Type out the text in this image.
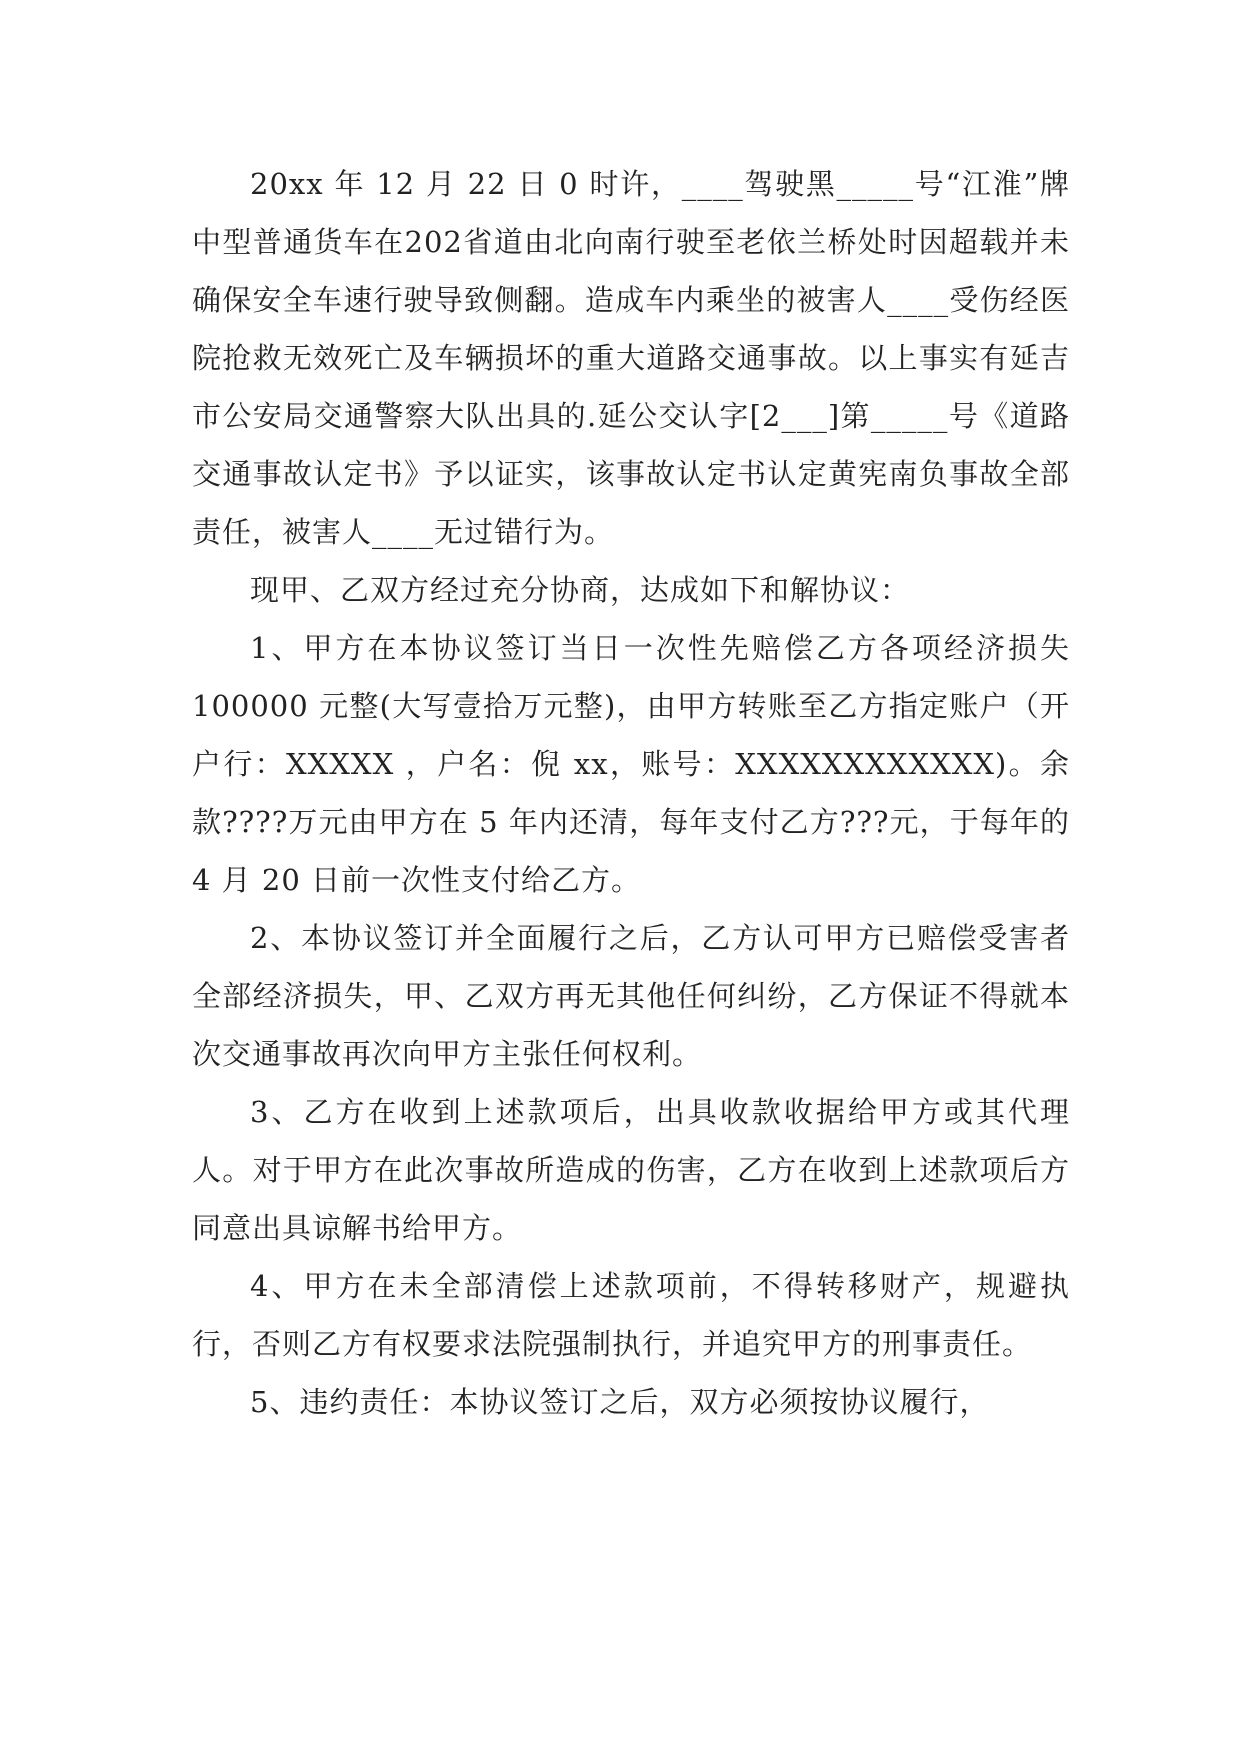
20xx 年 12 月 22 日 0 时许，____驾驶黑_____号“江淮”牌中型普通货车在202省道由北向南行驶至老依兰桥处时因超载并未确保安全车速行驶导致侧翻。造成车内乘坐的被害人____受伤经医院抢救无效死亡及车辆损坏的重大道路交通事故。以上事实有延吉市公安局交通警察大队出具的.延公交认字[2___]第_____号《道路交通事故认定书》予以证实，该事故认定书认定黄宪南负事故全部责任，被害人____无过错行为。

现甲、乙双方经过充分协商，达成如下和解协议：

1、甲方在本协议签订当日一次性先赔偿乙方各项经济损失 100000 元整(大写壹拾万元整)，由甲方转账至乙方指定账户（开户行：XXXXX ，户名：倪 xx，账号：XXXXXXXXXXXX)。余款????万元由甲方在 5 年内还清，每年支付乙方???元，于每年的 4 月 20 日前一次性支付给乙方。

2、本协议签订并全面履行之后，乙方认可甲方已赔偿受害者全部经济损失，甲、乙双方再无其他任何纠纷，乙方保证不得就本次交通事故再次向甲方主张任何权利。

3、乙方在收到上述款项后，出具收款收据给甲方或其代理人。对于甲方在此次事故所造成的伤害，乙方在收到上述款项后方同意出具谅解书给甲方。

4、甲方在未全部清偿上述款项前，不得转移财产，规避执行，否则乙方有权要求法院强制执行，并追究甲方的刑事责任。

5、违约责任：本协议签订之后，双方必须按协议履行，
